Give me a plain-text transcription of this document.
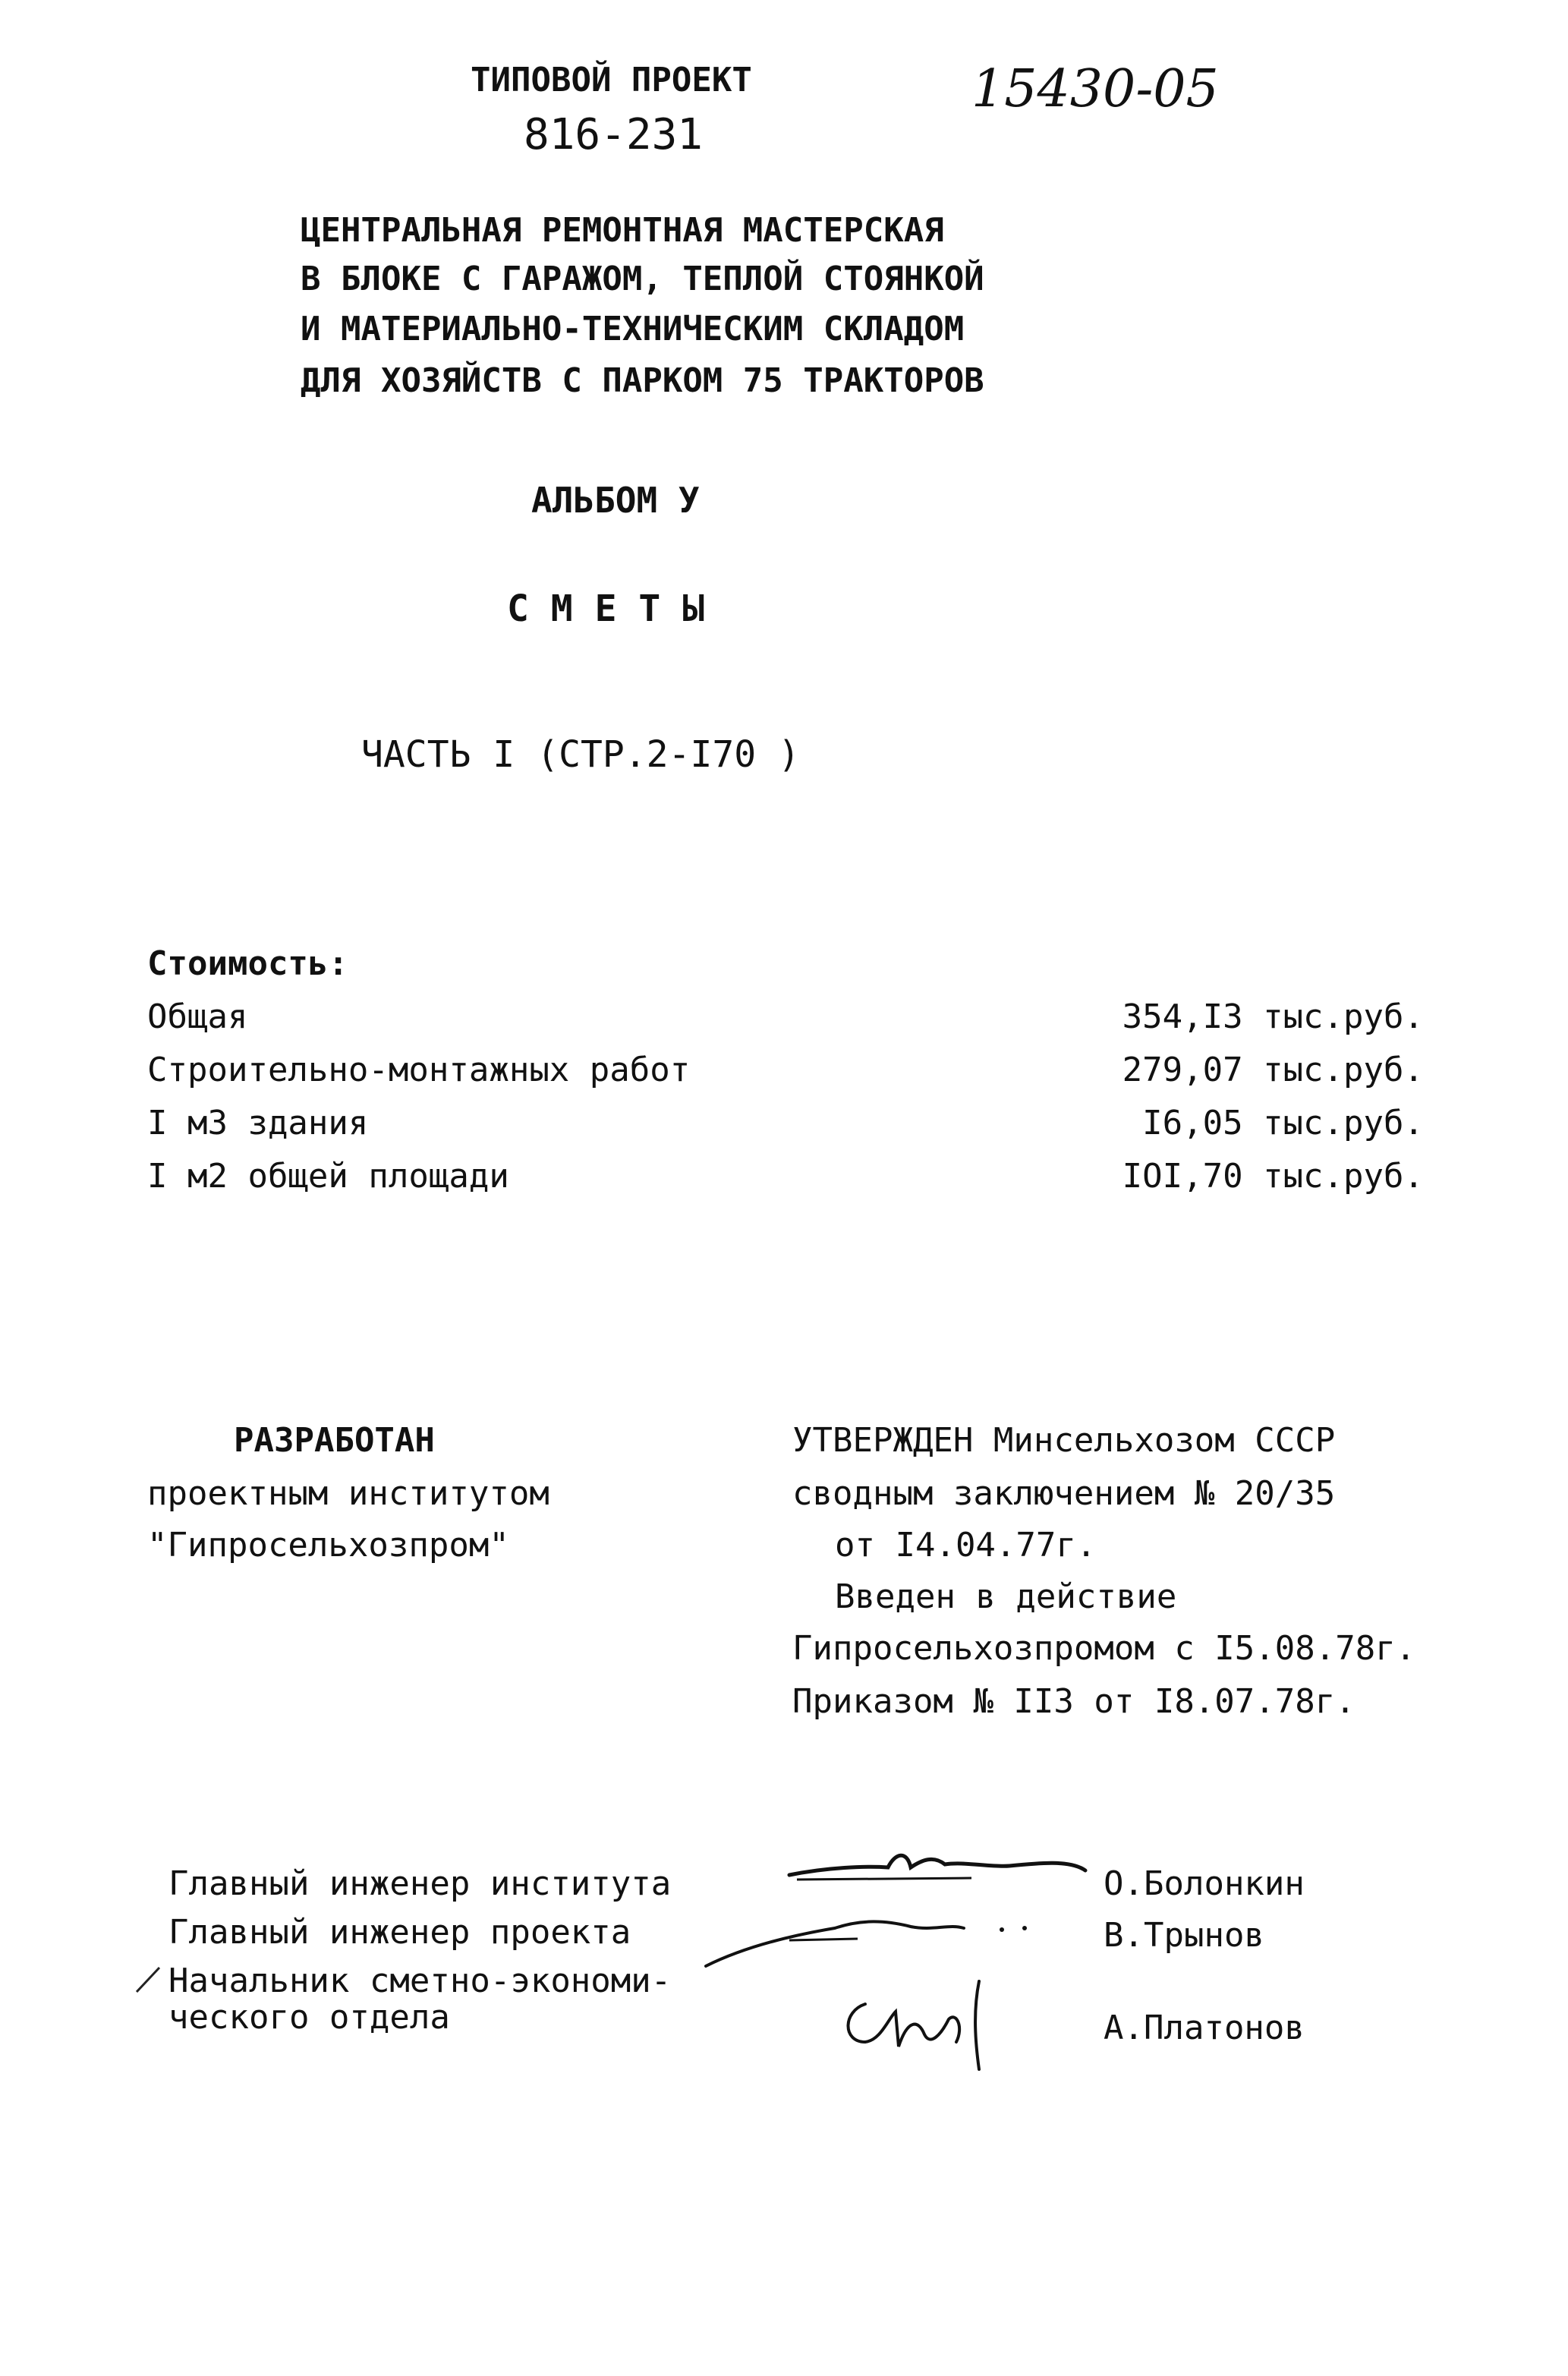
ТИПОВОЙ ПРОЕКТ
816-231
15430-05
ЦЕНТРАЛЬНАЯ РЕМОНТНАЯ МАСТЕРСКАЯ
В БЛОКЕ С ГАРАЖОМ, ТЕПЛОЙ СТОЯНКОЙ
И МАТЕРИАЛЬНО-ТЕХНИЧЕСКИМ СКЛАДОМ
ДЛЯ ХОЗЯЙСТВ С ПАРКОМ 75 ТРАКТОРОВ
АЛЬБОМ У
С М Е Т Ы
ЧАСТЬ I (СТР.2-I70 )
Стоимость:
Общая	354,I3 тыс.руб.
Строительно-монтажных работ	279,07 тыс.руб.
I м3 здания	I6,05 тыс.руб.
I м2 общей площади	IОI,70 тыс.руб.
РАЗРАБОТАН
проектным институтом
"Гипросельхозпром"
УТВЕРЖДЕН Минсельхозом СССР
сводным заключением № 20/35
от I4.04.77г.
Введен в действие
Гипросельхозпромом с I5.08.78г.
Приказом № II3 от I8.07.78г.
Главный инженер института	О.Болонкин
Главный инженер проекта	В.Трынов
Начальник сметно-экономи-
ческого отдела	А.Платонов
